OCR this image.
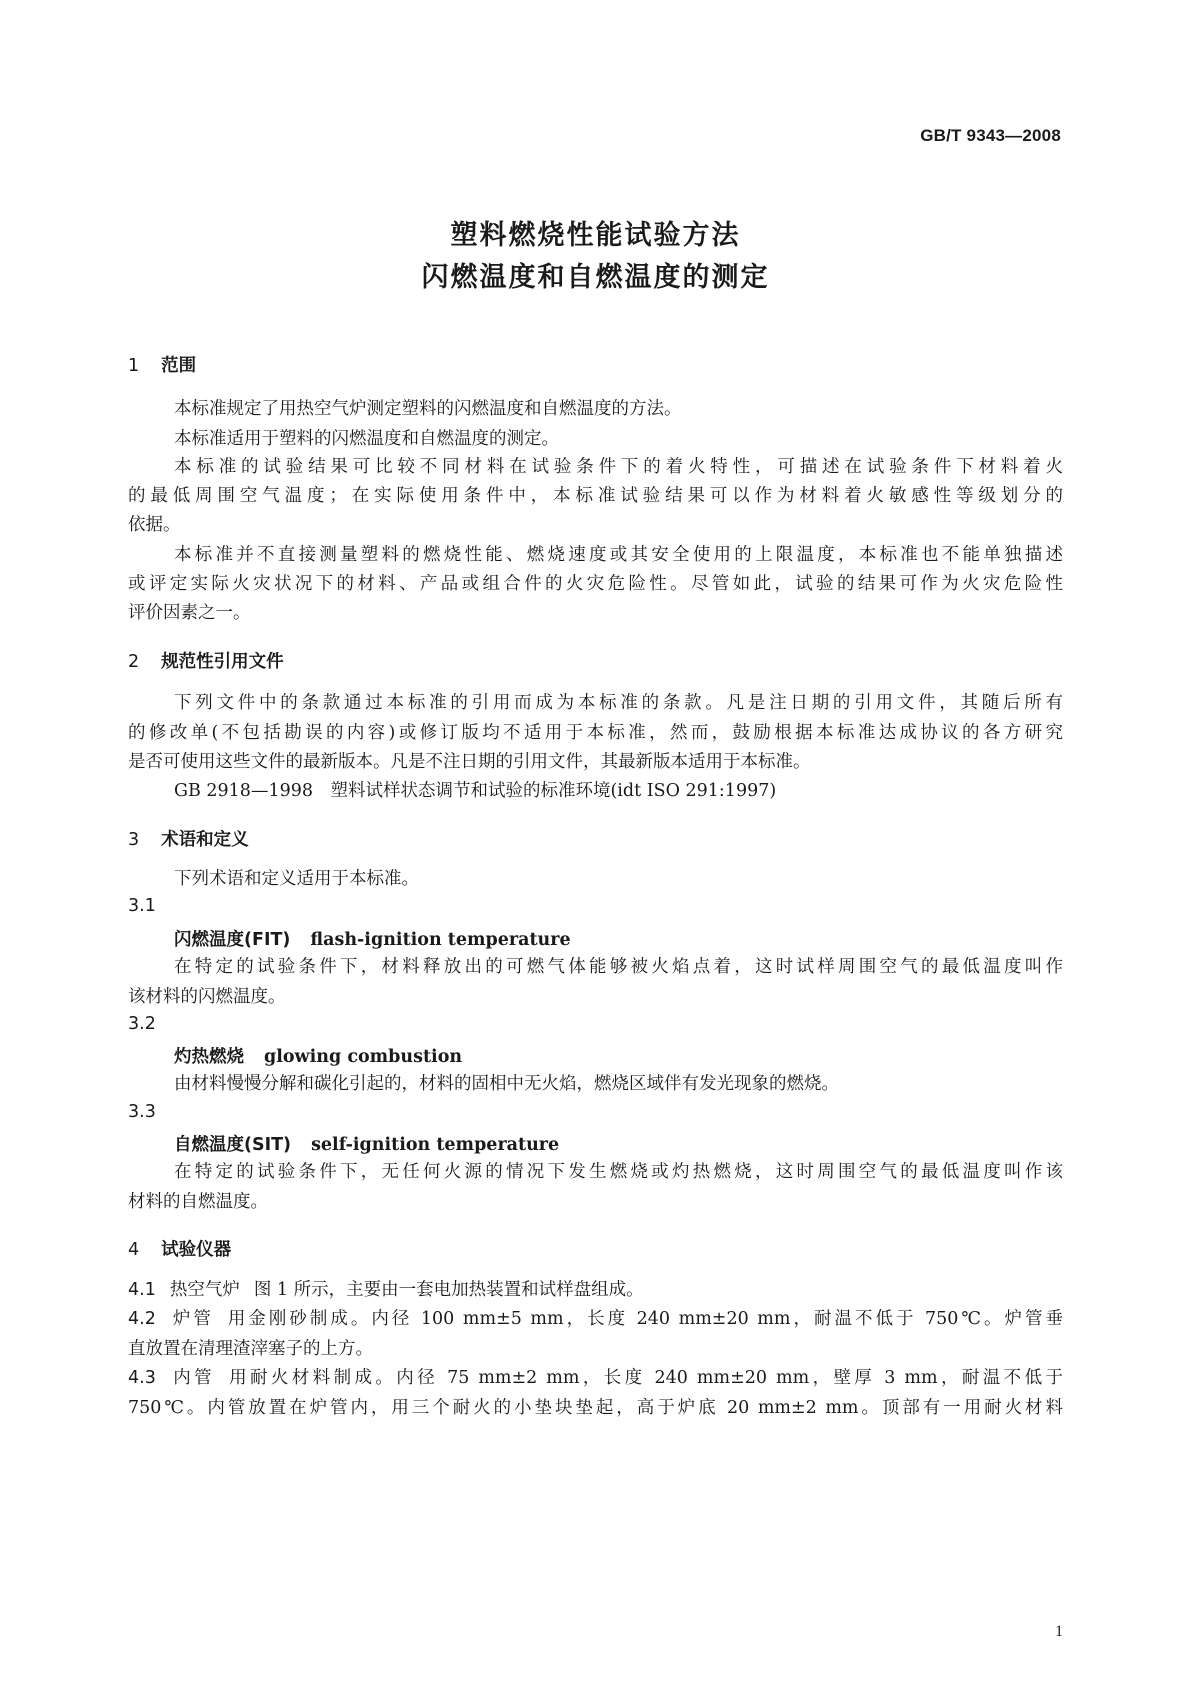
GB/T 9343—2008
塑料燃烧性能试验方法
闪燃温度和自燃温度的测定
1 范围
本标准规定了用热空气炉测定塑料的闪燃温度和自燃温度的方法。
本标准适用于塑料的闪燃温度和自燃温度的测定。
本标准的试验结果可比较不同材料在试验条件下的着火特性，可描述在试验条件下材料着火
的最低周围空气温度；在实际使用条件中，本标准试验结果可以作为材料着火敏感性等级划分的
依据。
本标准并不直接测量塑料的燃烧性能、燃烧速度或其安全使用的上限温度，本标准也不能单独描述
或评定实际火灾状况下的材料、产品或组合件的火灾危险性。尽管如此，试验的结果可作为火灾危险性
评价因素之一。
2 规范性引用文件
下列文件中的条款通过本标准的引用而成为本标准的条款。凡是注日期的引用文件，其随后所有
的修改单(不包括勘误的内容)或修订版均不适用于本标准，然而，鼓励根据本标准达成协议的各方研究
是否可使用这些文件的最新版本。凡是不注日期的引用文件，其最新版本适用于本标准。
GB 2918—1998　塑料试样状态调节和试验的标准环境(idt ISO 291:1997)
3 术语和定义
下列术语和定义适用于本标准。
3.1
闪燃温度(FIT) flash-ignition temperature
在特定的试验条件下，材料释放出的可燃气体能够被火焰点着，这时试样周围空气的最低温度叫作
该材料的闪燃温度。
3.2
灼热燃烧 glowing combustion
由材料慢慢分解和碳化引起的，材料的固相中无火焰，燃烧区域伴有发光现象的燃烧。
3.3
自燃温度(SIT) self-ignition temperature
在特定的试验条件下，无任何火源的情况下发生燃烧或灼热燃烧，这时周围空气的最低温度叫作该
材料的自燃温度。
4 试验仪器
4.1 热空气炉 图 1 所示，主要由一套电加热装置和试样盘组成。
4.2 炉管 用金刚砂制成。内径 100 mm±5 mm，长度 240 mm±20 mm，耐温不低于 750℃。炉管垂
直放置在清理渣滓塞子的上方。
4.3 内管 用耐火材料制成。内径 75 mm±2 mm，长度 240 mm±20 mm，壁厚 3 mm，耐温不低于
750℃。内管放置在炉管内，用三个耐火的小垫块垫起，高于炉底 20 mm±2 mm。顶部有一用耐火材料
1
